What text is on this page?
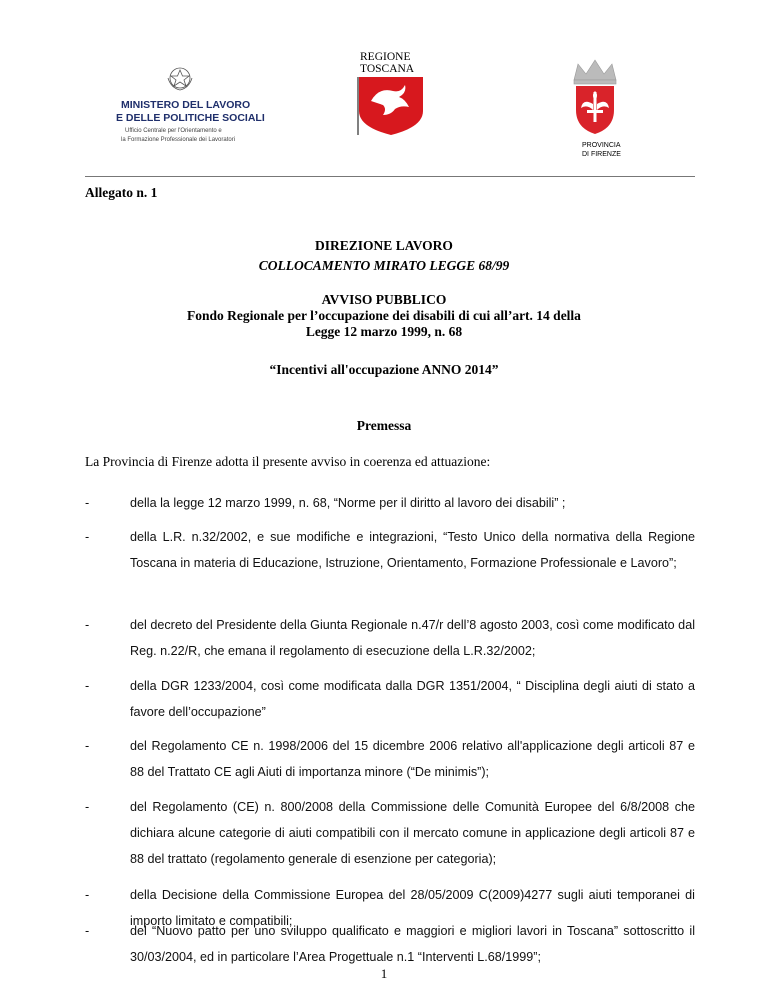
MINISTERO DEL LAVORO
E DELLE POLITICHE SOCIALI
Ufficio Centrale per l'Orientamento e
la Formazione Professionale dei Lavoratori
REGIONE
TOSCANA
PROVINCIA
DI FIRENZE
Allegato n. 1
DIREZIONE LAVORO
COLLOCAMENTO MIRATO LEGGE 68/99
AVVISO PUBBLICO
Fondo Regionale per l’occupazione dei disabili di cui all’art. 14 della
Legge 12 marzo 1999, n. 68
“Incentivi all'occupazione ANNO 2014”
Premessa
La Provincia di Firenze adotta il presente avviso in coerenza ed attuazione:
-	della la legge 12 marzo 1999, n. 68, “Norme per il diritto al lavoro dei disabili” ;
-	della L.R. n.32/2002, e sue modifiche e integrazioni, “Testo Unico della normativa della Regione Toscana in materia di Educazione, Istruzione, Orientamento, Formazione Professionale e Lavoro”;
-	del decreto del Presidente della Giunta Regionale n.47/r dell’8 agosto 2003, così come modificato dal Reg. n.22/R, che emana il regolamento di esecuzione della L.R.32/2002;
-	della DGR 1233/2004, così come modificata dalla DGR 1351/2004, “ Disciplina degli aiuti di stato a favore dell’occupazione”
-	del Regolamento CE n. 1998/2006 del 15 dicembre 2006 relativo all'applicazione degli articoli 87 e 88 del Trattato CE agli Aiuti di importanza minore (“De minimis”);
-	del Regolamento (CE) n. 800/2008 della Commissione delle Comunità Europee del 6/8/2008 che dichiara alcune categorie di aiuti compatibili con il mercato comune in applicazione degli articoli 87 e 88 del trattato (regolamento generale di esenzione per categoria);
-	della Decisione della Commissione Europea del 28/05/2009 C(2009)4277 sugli aiuti temporanei di importo limitato e compatibili;
-	del “Nuovo patto per uno sviluppo qualificato e maggiori e migliori lavori in Toscana” sottoscritto il 30/03/2004, ed in particolare l’Area Progettuale n.1 “Interventi L.68/1999”;
1
